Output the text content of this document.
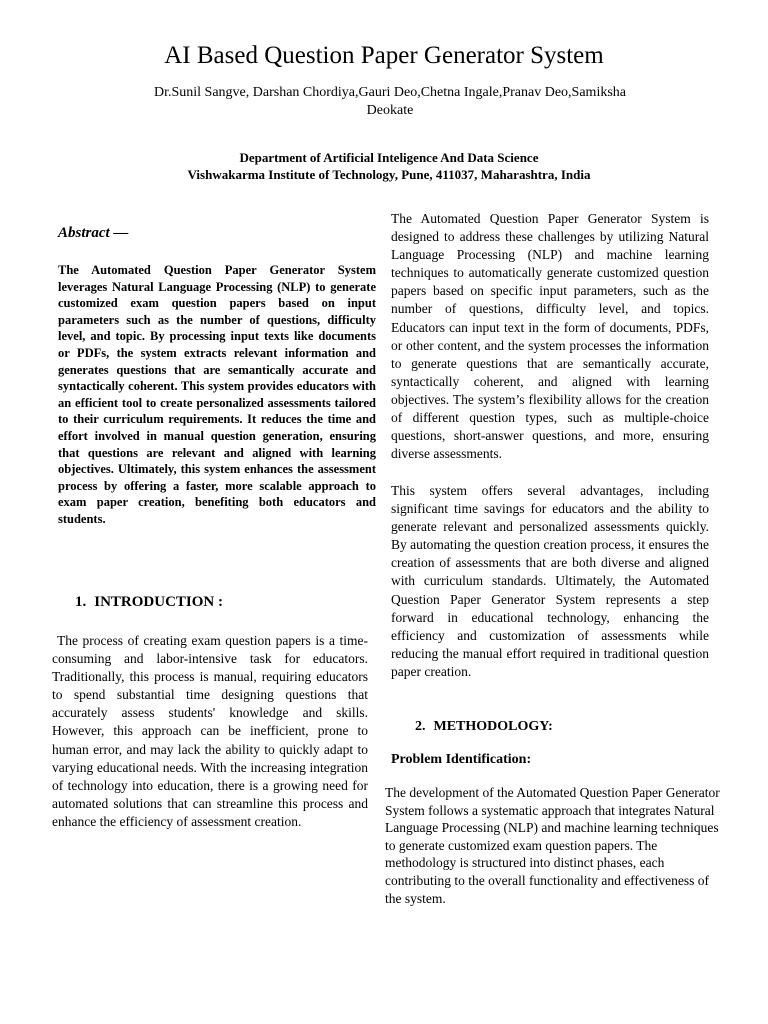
AI Based Question Paper Generator System
Dr.Sunil Sangve, Darshan Chordiya,Gauri Deo,Chetna Ingale,Pranav Deo,Samiksha Deokate
Department of Artificial Inteligence And Data Science
Vishwakarma Institute of Technology, Pune, 411037, Maharashtra, India
Abstract —
The Automated Question Paper Generator System leverages Natural Language Processing (NLP) to generate customized exam question papers based on input parameters such as the number of questions, difficulty level, and topic. By processing input texts like documents or PDFs, the system extracts relevant information and generates questions that are semantically accurate and syntactically coherent. This system provides educators with an efficient tool to create personalized assessments tailored to their curriculum requirements. It reduces the time and effort involved in manual question generation, ensuring that questions are relevant and aligned with learning objectives. Ultimately, this system enhances the assessment process by offering a faster, more scalable approach to exam paper creation, benefiting both educators and students.
1. INTRODUCTION :
The process of creating exam question papers is a time-consuming and labor-intensive task for educators. Traditionally, this process is manual, requiring educators to spend substantial time designing questions that accurately assess students' knowledge and skills. However, this approach can be inefficient, prone to human error, and may lack the ability to quickly adapt to varying educational needs. With the increasing integration of technology into education, there is a growing need for automated solutions that can streamline this process and enhance the efficiency of assessment creation.
The Automated Question Paper Generator System is designed to address these challenges by utilizing Natural Language Processing (NLP) and machine learning techniques to automatically generate customized question papers based on specific input parameters, such as the number of questions, difficulty level, and topics. Educators can input text in the form of documents, PDFs, or other content, and the system processes the information to generate questions that are semantically accurate, syntactically coherent, and aligned with learning objectives. The system’s flexibility allows for the creation of different question types, such as multiple-choice questions, short-answer questions, and more, ensuring diverse assessments.
This system offers several advantages, including significant time savings for educators and the ability to generate relevant and personalized assessments quickly. By automating the question creation process, it ensures the creation of assessments that are both diverse and aligned with curriculum standards. Ultimately, the Automated Question Paper Generator System represents a step forward in educational technology, enhancing the efficiency and customization of assessments while reducing the manual effort required in traditional question paper creation.
2. METHODOLOGY:
Problem Identification:
The development of the Automated Question Paper Generator System follows a systematic approach that integrates Natural Language Processing (NLP) and machine learning techniques to generate customized exam question papers. The methodology is structured into distinct phases, each contributing to the overall functionality and effectiveness of the system.
